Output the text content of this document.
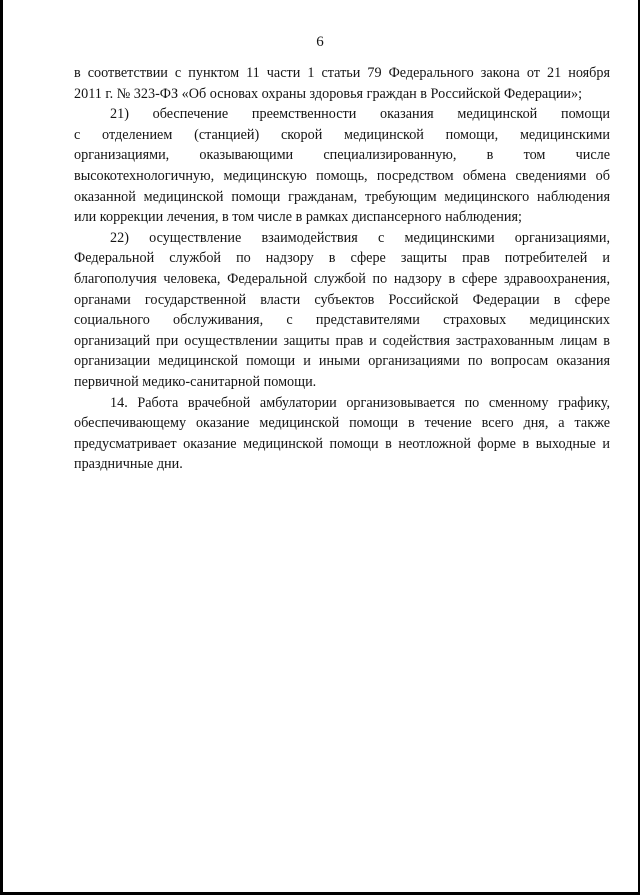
6

в соответствии с пунктом 11 части 1 статьи 79 Федерального закона от 21 ноября

2011 г. № 323-ФЗ «Об основах охраны здоровья граждан в Российской Федерации»;

21) обеспечение преемственности оказания медицинской помощи

с отделением (станцией) скорой медицинской помощи, медицинскими

организациями, оказывающими специализированную, в том числе

высокотехнологичную, медицинскую помощь, посредством обмена сведениями об

оказанной медицинской помощи гражданам, требующим медицинского наблюдения

или коррекции лечения, в том числе в рамках диспансерного наблюдения;

22) осуществление взаимодействия с медицинскими организациями,

Федеральной службой по надзору в сфере защиты прав потребителей и

благополучия человека, Федеральной службой по надзору в сфере здравоохранения,

органами государственной власти субъектов Российской Федерации в сфере

социального обслуживания, с представителями страховых медицинских

организаций при осуществлении защиты прав и содействия застрахованным лицам в

организации медицинской помощи и иными организациями по вопросам оказания

первичной медико-санитарной помощи.

14. Работа врачебной амбулатории организовывается по сменному графику,

обеспечивающему оказание медицинской помощи в течение всего дня, а также

предусматривает оказание медицинской помощи в неотложной форме в выходные и

праздничные дни.
